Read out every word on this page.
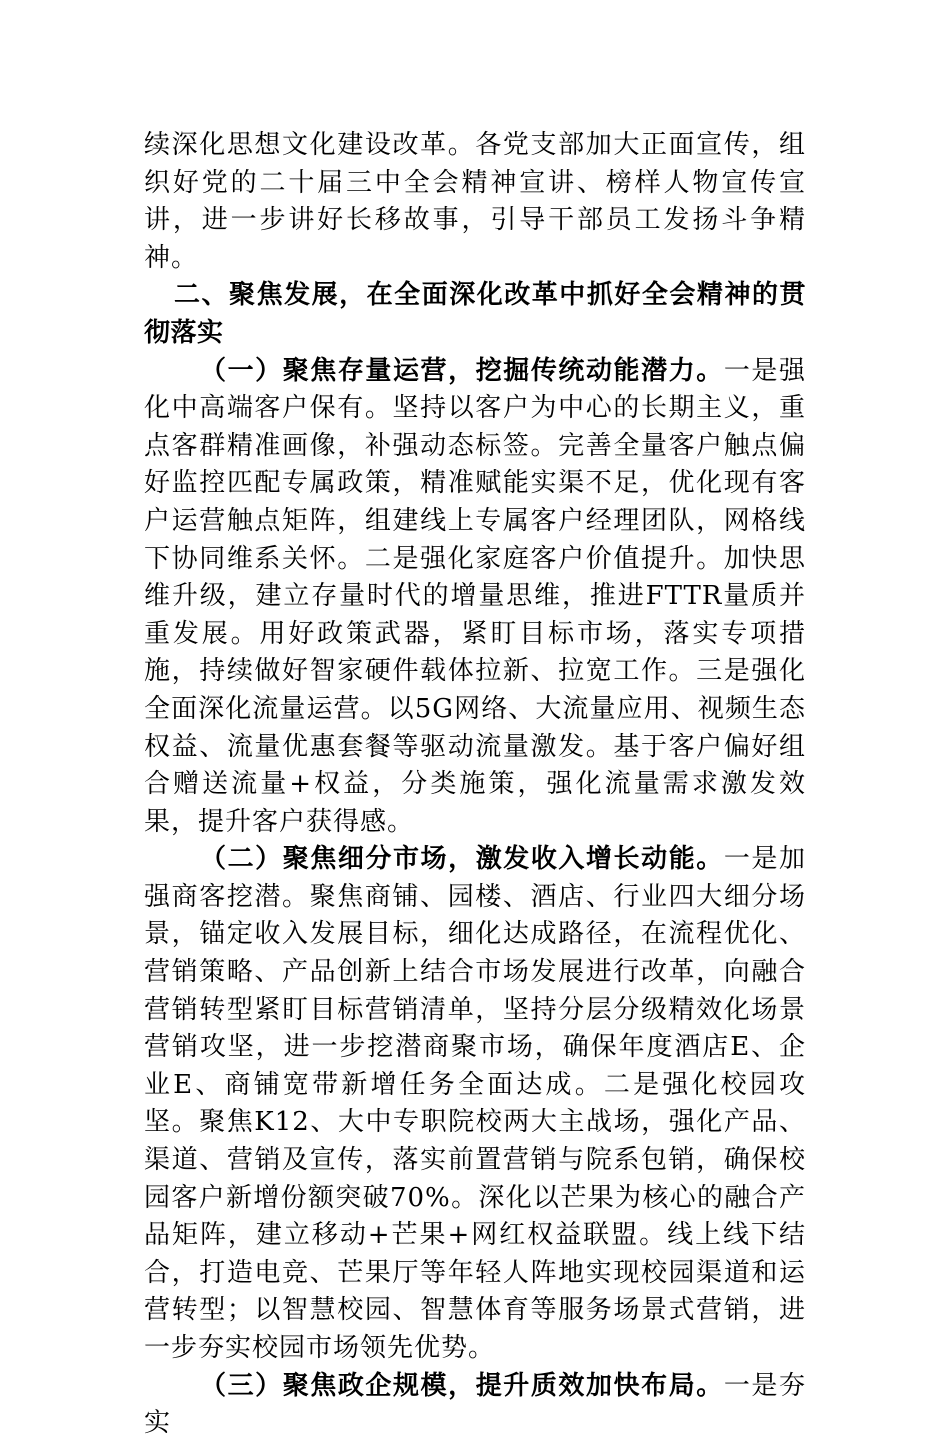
续深化思想文化建设改革。各党支部加大正面宣传，组织好党的二十届三中全会精神宣讲、榜样人物宣传宣讲，进一步讲好长移故事，引导干部员工发扬斗争精神。

二、聚焦发展，在全面深化改革中抓好全会精神的贯彻落实

（一）聚焦存量运营，挖掘传统动能潜力。一是强化中高端客户保有。坚持以客户为中心的长期主义，重点客群精准画像，补强动态标签。完善全量客户触点偏好监控匹配专属政策，精准赋能实渠不足，优化现有客户运营触点矩阵，组建线上专属客户经理团队，网格线下协同维系关怀。二是强化家庭客户价值提升。加快思维升级，建立存量时代的增量思维，推进FTTR量质并重发展。用好政策武器，紧盯目标市场，落实专项措施，持续做好智家硬件载体拉新、拉宽工作。三是强化全面深化流量运营。以5G网络、大流量应用、视频生态权益、流量优惠套餐等驱动流量激发。基于客户偏好组合赠送流量+权益，分类施策，强化流量需求激发效果，提升客户获得感。

（二）聚焦细分市场，激发收入增长动能。一是加强商客挖潜。聚焦商铺、园楼、酒店、行业四大细分场景，锚定收入发展目标，细化达成路径，在流程优化、营销策略、产品创新上结合市场发展进行改革，向融合营销转型紧盯目标营销清单，坚持分层分级精效化场景营销攻坚，进一步挖潜商聚市场，确保年度酒店E、企业E、商铺宽带新增任务全面达成。二是强化校园攻坚。聚焦K12、大中专职院校两大主战场，强化产品、渠道、营销及宣传，落实前置营销与院系包销，确保校园客户新增份额突破70%。深化以芒果为核心的融合产品矩阵，建立移动+芒果+网红权益联盟。线上线下结合，打造电竞、芒果厅等年轻人阵地实现校园渠道和运营转型；以智慧校园、智慧体育等服务场景式营销，进一步夯实校园市场领先优势。

（三）聚焦政企规模，提升质效加快布局。一是夯实
